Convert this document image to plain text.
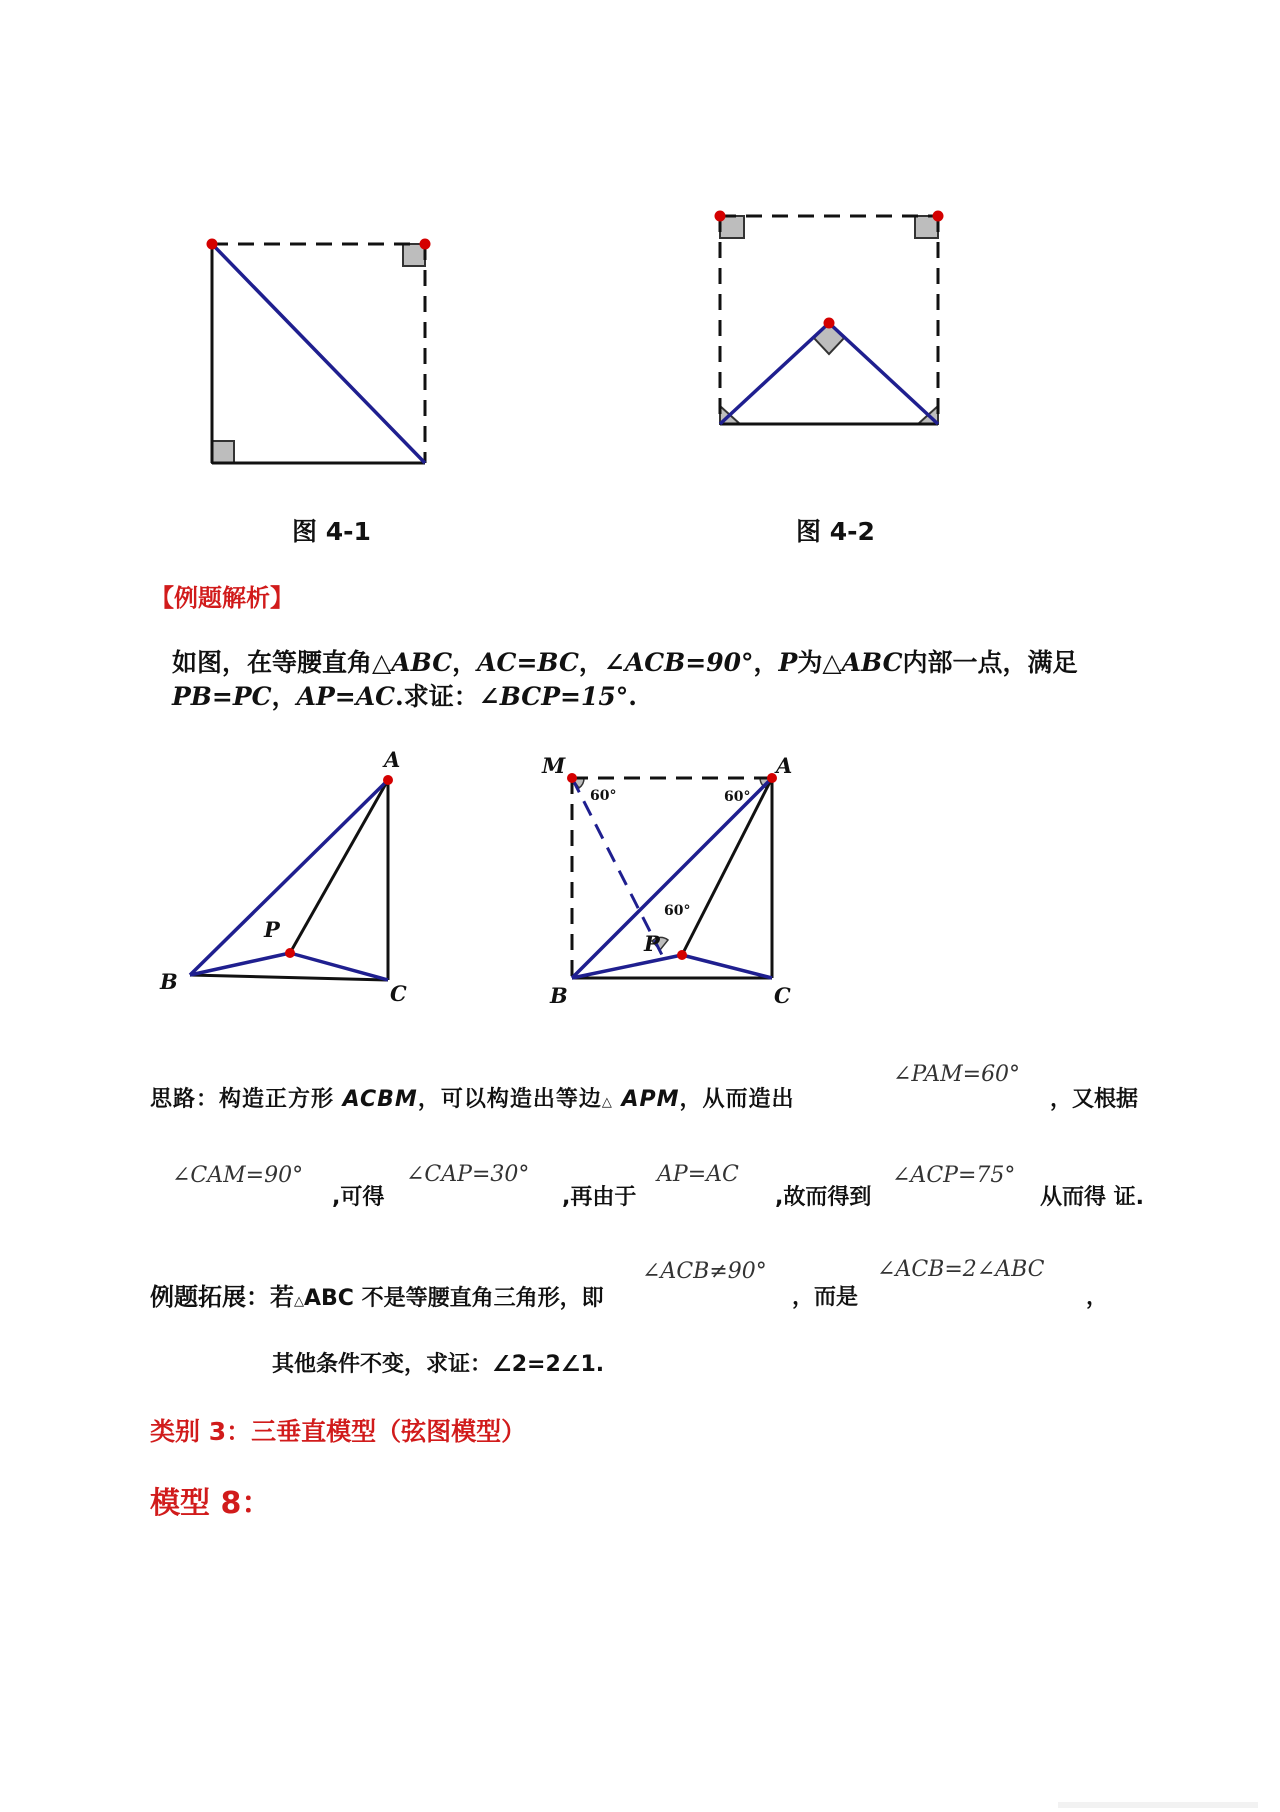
图 4-1	图 4-2
【例题解析】
如图，在等腰直角△ABC，AC=BC，∠ACB=90°，P为△ABC内部一点，满足
PB=PC，AP=AC.求证：∠BCP=15°.
A
B	C
P
M	A
B	C
P
60°	60°
60°
思路：构造正方形 ACBM，可以构造出等边△ APM，从而造出
∠PAM=60°
，又根据
∠CAM=90°
,可得
∠CAP=30°
,再由于
AP=AC
,故而得到
∠ACP=75°
从而得 证.
例题拓展：若△ABC 不是等腰直角三角形，即
∠ACB≠90°
，而是
∠ACB=2∠ABC
，
其他条件不变，求证：∠2=2∠1.
类别 3：三垂直模型（弦图模型）
模型 8：
